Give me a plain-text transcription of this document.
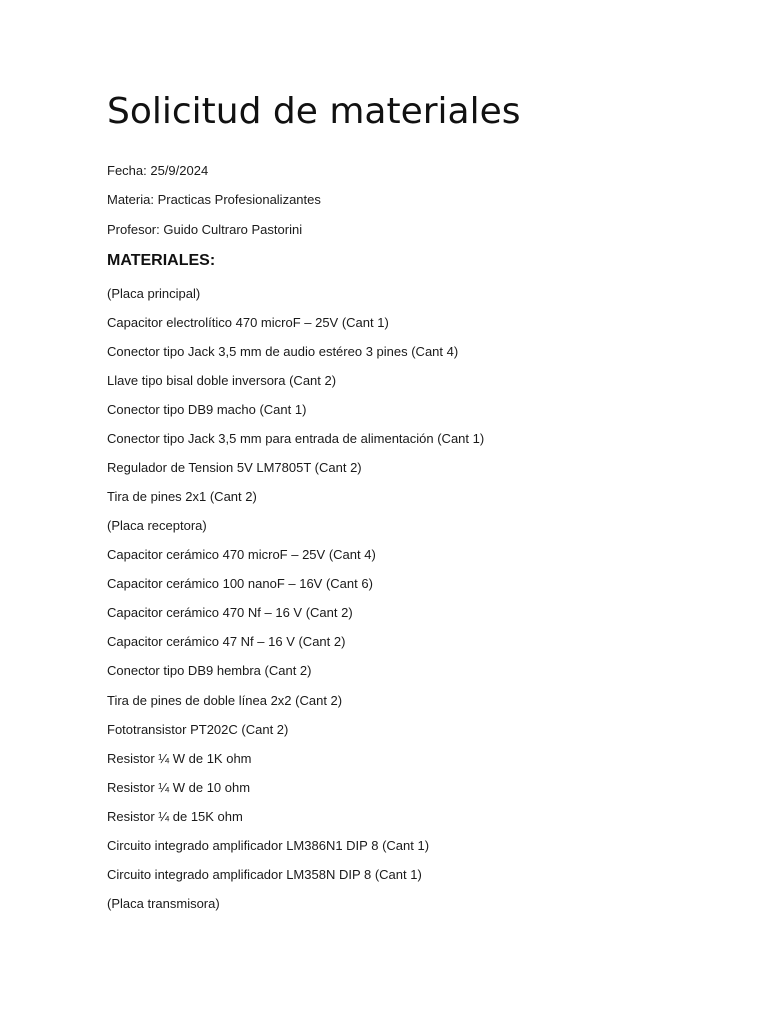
Solicitud de materiales

Fecha: 25/9/2024

Materia: Practicas Profesionalizantes

Profesor: Guido Cultraro Pastorini

MATERIALES:

(Placa principal)

Capacitor electrolítico 470 microF – 25V (Cant 1)

Conector tipo Jack 3,5 mm de audio estéreo 3 pines (Cant 4)

Llave tipo bisal doble inversora (Cant 2)

Conector tipo DB9 macho (Cant 1)

Conector tipo Jack 3,5 mm para entrada de alimentación (Cant 1)

Regulador de Tension 5V LM7805T (Cant 2)

Tira de pines 2x1 (Cant 2)

(Placa receptora)

Capacitor cerámico 470 microF – 25V (Cant 4)

Capacitor cerámico 100 nanoF – 16V (Cant 6)

Capacitor cerámico 470 Nf – 16 V (Cant 2)

Capacitor cerámico 47 Nf – 16 V (Cant 2)

Conector tipo DB9 hembra (Cant 2)

Tira de pines de doble línea 2x2 (Cant 2)

Fototransistor PT202C (Cant 2)

Resistor ¼ W de 1K ohm

Resistor ¼ W de 10 ohm

Resistor ¼ de 15K ohm

Circuito integrado amplificador LM386N1 DIP 8 (Cant 1)

Circuito integrado amplificador LM358N DIP 8 (Cant 1)

(Placa transmisora)
